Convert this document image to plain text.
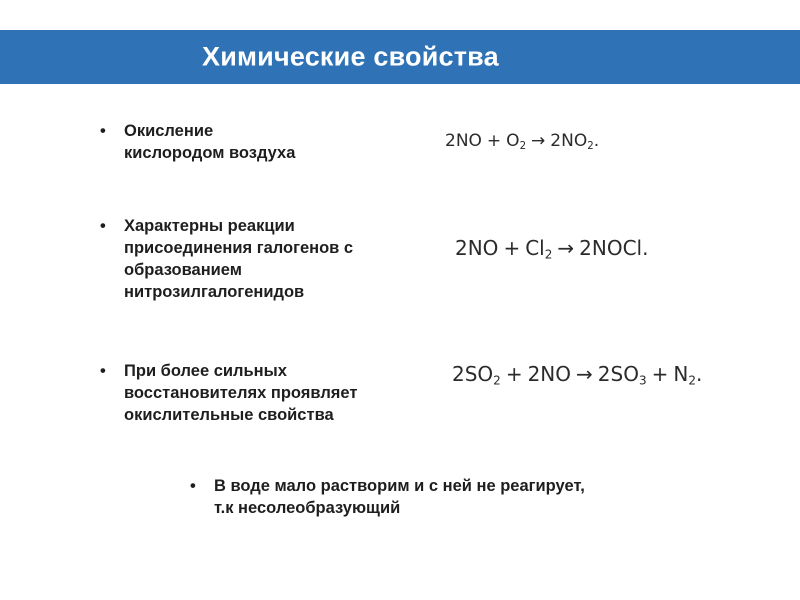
Химические свойства
•	Окисление
кислородом воздуха
•	Характерны реакции
присоединения галогенов с
образованием
нитрозилгалогенидов
•	При более сильных
восстановителях проявляет
окислительные свойства
•	В воде мало растворим и с ней не реагирует,
т.к несолеобразующий
$2NO + O_2 \to 2NO_2$.
$2NO + Cl_2$ → 2NOCl.
$2SO_2 + 2NO \to 2SO_3 + N_2$.
